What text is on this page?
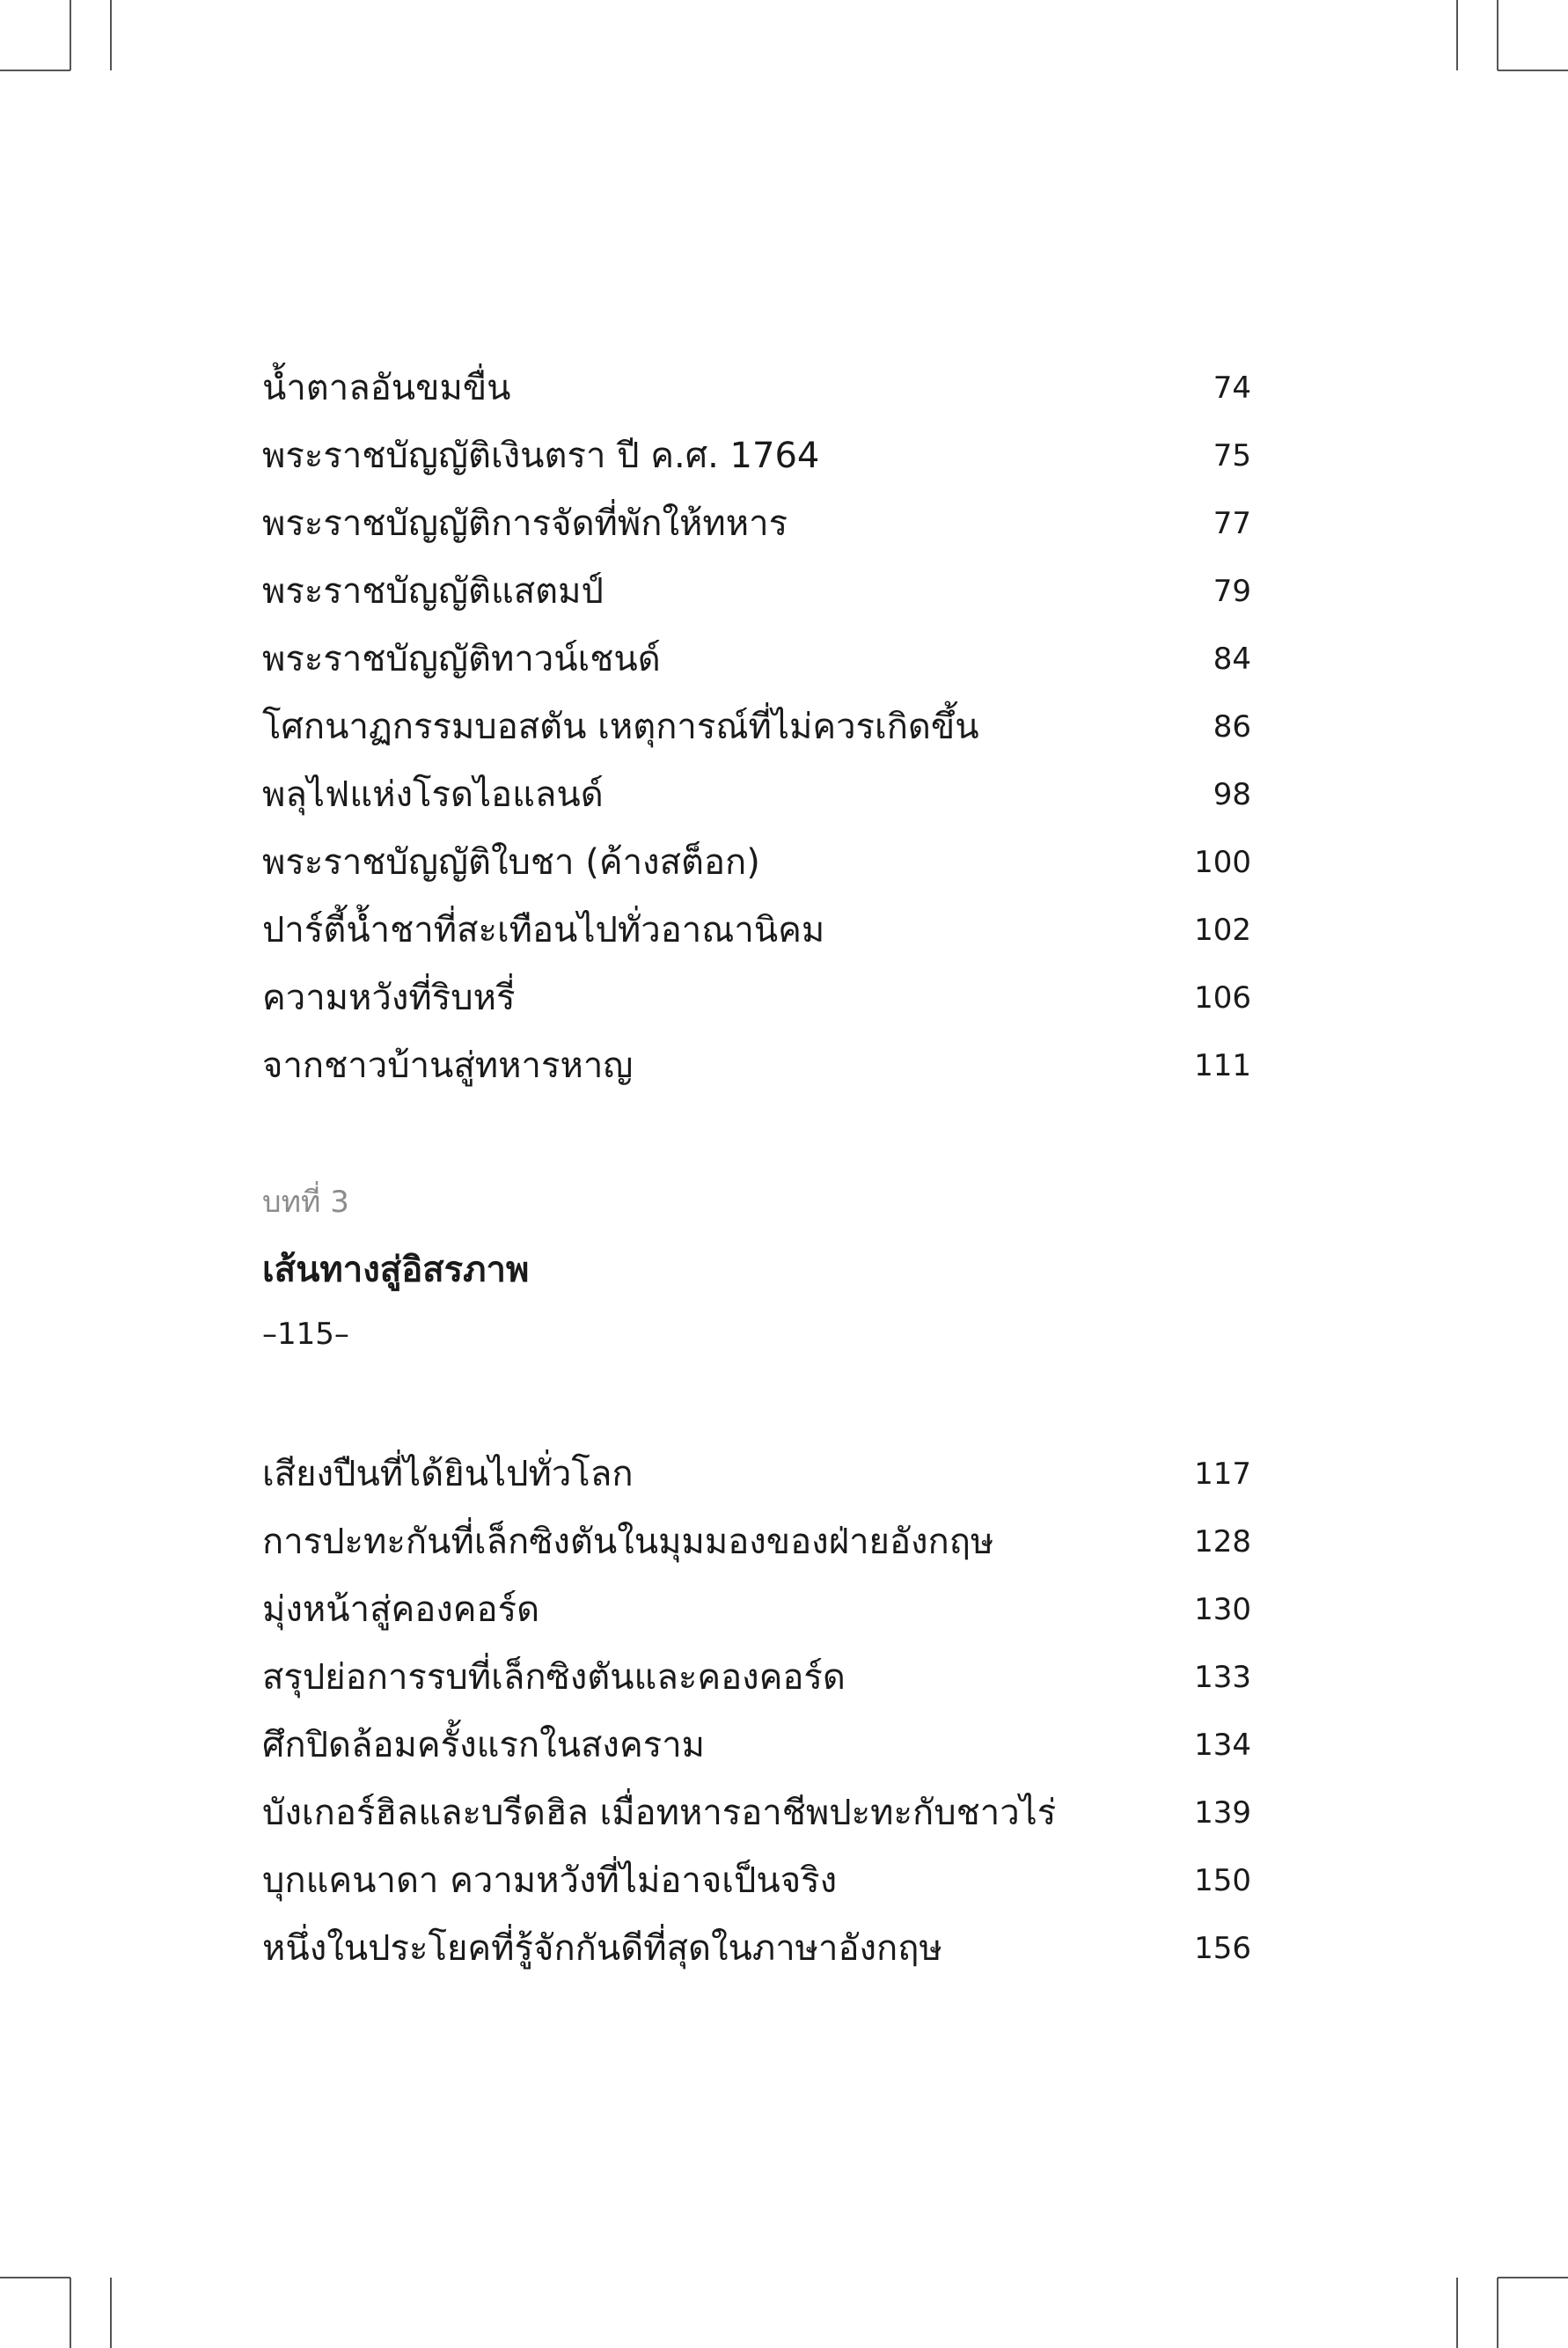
น้ำตาลอันขมขื่น	74
พระราชบัญญัติเงินตรา ปี ค.ศ. 1764	75
พระราชบัญญัติการจัดที่พักให้ทหาร	77
พระราชบัญญัติแสตมป์	79
พระราชบัญญัติทาวน์เชนด์	84
โศกนาฏกรรมบอสตัน เหตุการณ์ที่ไม่ควรเกิดขึ้น	86
พลุไฟแห่งโรดไอแลนด์	98
พระราชบัญญัติใบชา (ค้างสต็อก)	100
ปาร์ตี้น้ำชาที่สะเทือนไปทั่วอาณานิคม	102
ความหวังที่ริบหรี่	106
จากชาวบ้านสู่ทหารหาญ	111
บทที่ 3
เส้นทางสู่อิสรภาพ
–115–
เสียงปืนที่ได้ยินไปทั่วโลก	117
การปะทะกันที่เล็กซิงตันในมุมมองของฝ่ายอังกฤษ	128
มุ่งหน้าสู่คองคอร์ด	130
สรุปย่อการรบที่เล็กซิงตันและคองคอร์ด	133
ศึกปิดล้อมครั้งแรกในสงคราม	134
บังเกอร์ฮิลและบรีดฮิล เมื่อทหารอาชีพปะทะกับชาวไร่	139
บุกแคนาดา ความหวังที่ไม่อาจเป็นจริง	150
หนึ่งในประโยคที่รู้จักกันดีที่สุดในภาษาอังกฤษ	156
